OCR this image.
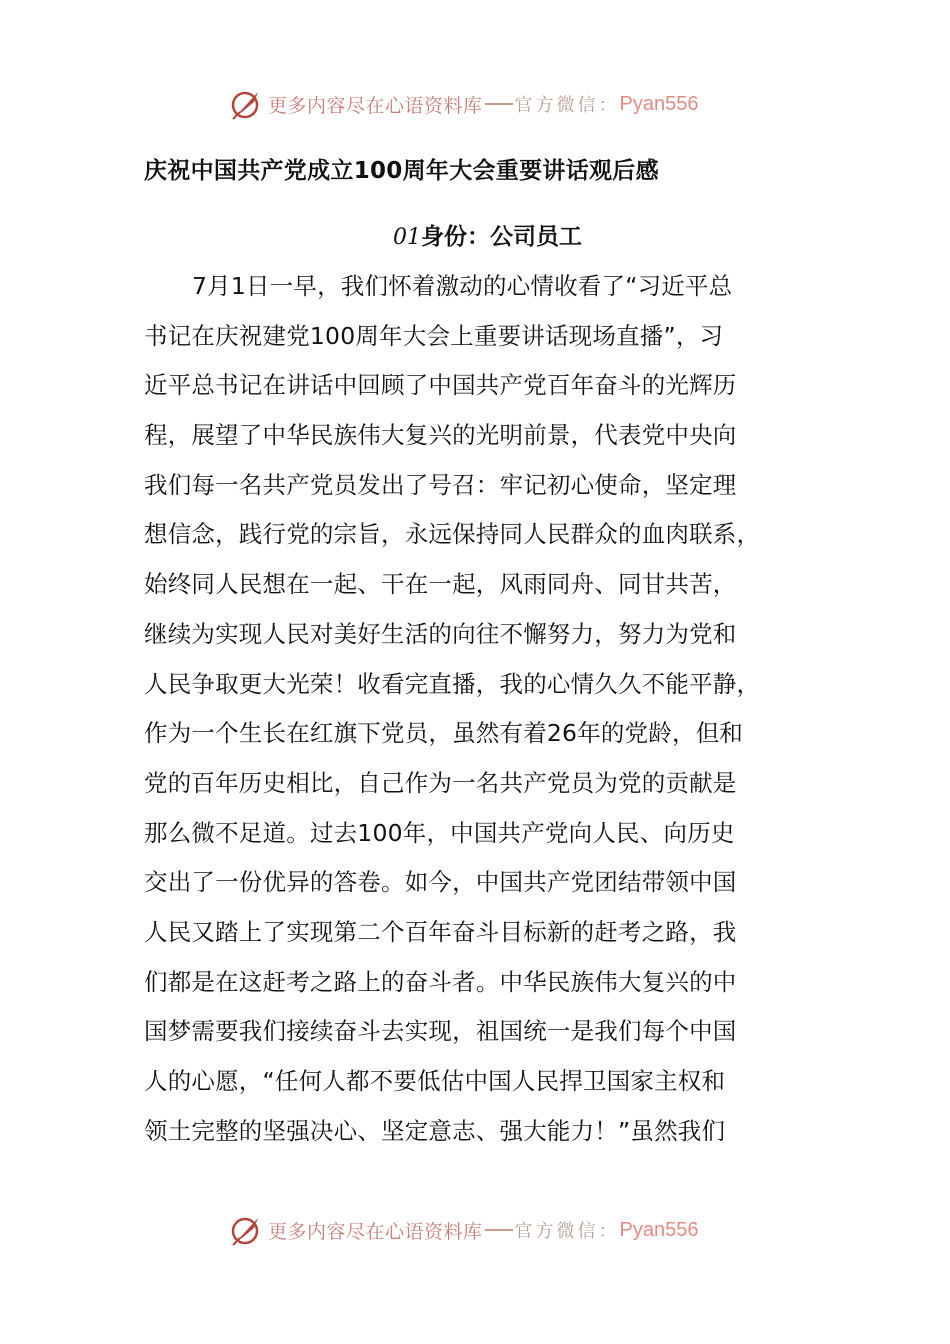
更多内容尽在心语资料库 官方微信： Pyan556
庆祝中国共产党成立100周年大会重要讲话观后感
01身份：公司员工
7月1日一早，我们怀着激动的心情收看了“习近平总
书记在庆祝建党100周年大会上重要讲话现场直播”，习
近平总书记在讲话中回顾了中国共产党百年奋斗的光辉历
程，展望了中华民族伟大复兴的光明前景，代表党中央向
我们每一名共产党员发出了号召：牢记初心使命，坚定理
想信念，践行党的宗旨，永远保持同人民群众的血肉联系，
始终同人民想在一起、干在一起，风雨同舟、同甘共苦，
继续为实现人民对美好生活的向往不懈努力，努力为党和
人民争取更大光荣！收看完直播，我的心情久久不能平静，
作为一个生长在红旗下党员，虽然有着26年的党龄，但和
党的百年历史相比，自己作为一名共产党员为党的贡献是
那么微不足道。过去100年，中国共产党向人民、向历史
交出了一份优异的答卷。如今，中国共产党团结带领中国
人民又踏上了实现第二个百年奋斗目标新的赶考之路，我
们都是在这赶考之路上的奋斗者。中华民族伟大复兴的中
国梦需要我们接续奋斗去实现，祖国统一是我们每个中国
人的心愿，“任何人都不要低估中国人民捍卫国家主权和
领土完整的坚强决心、坚定意志、强大能力！”虽然我们
更多内容尽在心语资料库 官方微信： Pyan556
